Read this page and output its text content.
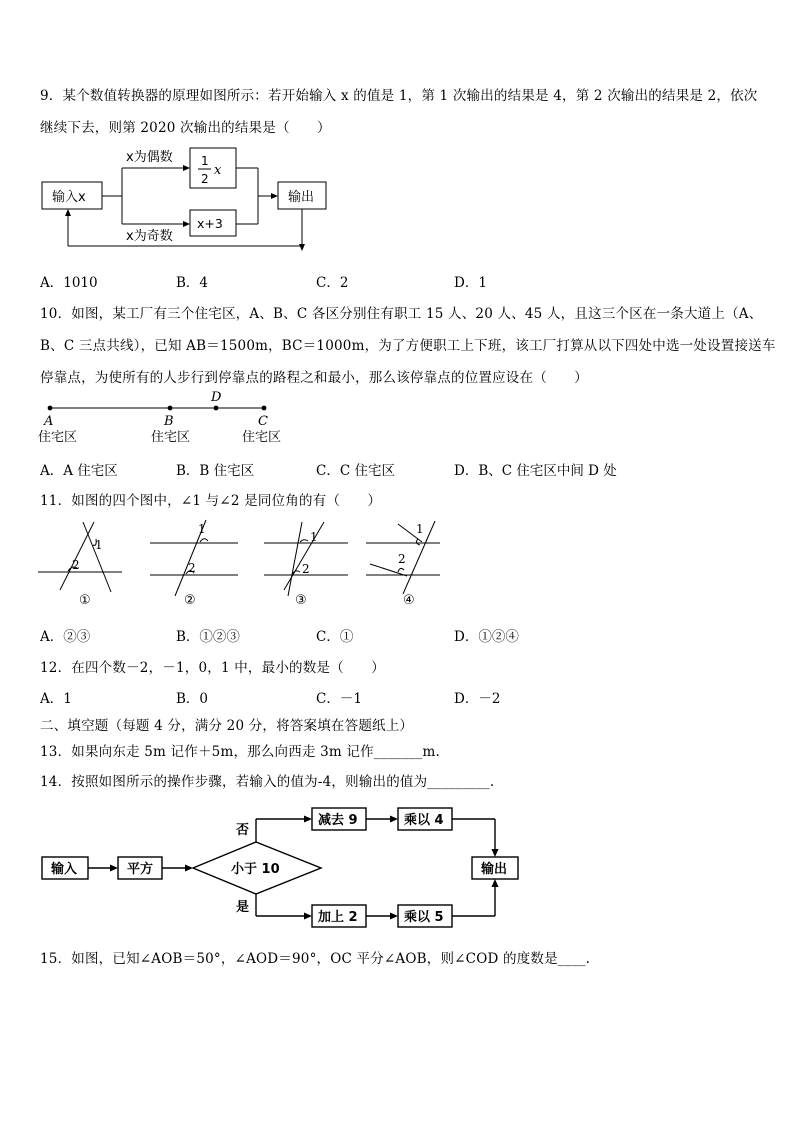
9．某个数值转换器的原理如图所示：若开始输入 x 的值是 1，第 1 次输出的结果是 4，第 2 次输出的结果是 2，依次
继续下去，则第 2020 次输出的结果是（　　）
输入x
x为偶数
x为奇数
1
2
x
x+3
输出
A．1010	B．4	C．2	D．1
10．如图，某工厂有三个住宅区，A、B、C 各区分别住有职工 15 人、20 人、45 人，且这三个区在一条大道上（A、
B、C 三点共线），已知 AB＝1500m，BC＝1000m，为了方便职工上下班，该工厂打算从以下四处中选一处设置接送车
停靠点，为使所有的人步行到停靠点的路程之和最小，那么该停靠点的位置应设在（　　）
A	B
D
C
住宅区	住宅区	住宅区
A．A 住宅区	B．B 住宅区	C．C 住宅区	D．B、C 住宅区中间 D 处
11．如图的四个图中，∠1 与∠2 是同位角的有（　　）
1
2
1
2
1
2
1
2
①	②	③	④
A．②③	B．①②③	C．①	D．①②④
12．在四个数－2，－1，0，1 中，最小的数是（　　）
A．1	B．0	C．－1	D．－2
二、填空题（每题 4 分，满分 20 分，将答案填在答题纸上）
13．如果向东走 5m 记作＋5m，那么向西走 3m 记作_______m.
14．按照如图所示的操作步骤，若输入的值为-4，则输出的值为_________.
输入	平方	小于 10
否
是
减去 9	乘以 4
加上 2	乘以 5
输出
15．如图，已知∠AOB＝50°，∠AOD＝90°，OC 平分∠AOB，则∠COD 的度数是____.
